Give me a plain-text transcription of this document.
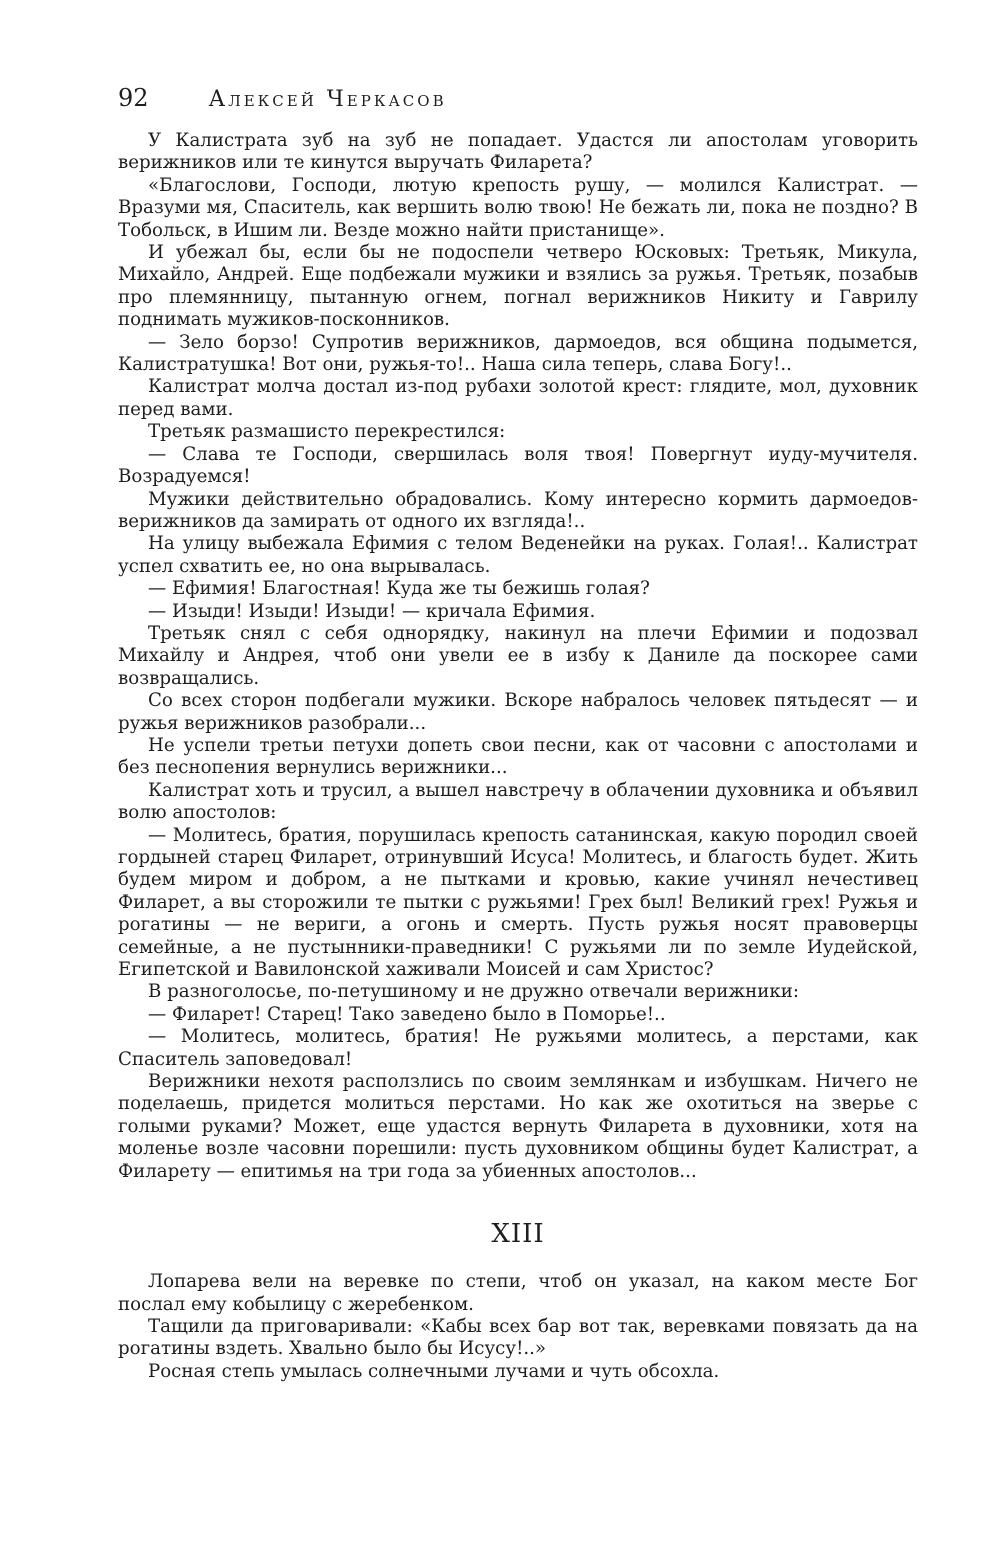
92	Алексей Черкасов

У Калистрата зуб на зуб не попадает. Удастся ли апостолам уговорить верижников или те кинутся выручать Филарета?

«Благослови, Господи, лютую крепость рушу, — молился Калистрат. — Вразуми мя, Спаситель, как вершить волю твою! Не бежать ли, пока не поздно? В Тобольск, в Ишим ли. Везде можно найти пристанище».

И убежал бы, если бы не подоспели четверо Юсковых: Третьяк, Микула, Михайло, Андрей. Еще подбежали мужики и взялись за ружья. Третьяк, позабыв про племянницу, пытанную огнем, погнал верижников Никиту и Гаврилу поднимать мужиков-посконников.

— Зело борзо! Супротив верижников, дармоедов, вся община подымется, Калистратушка! Вот они, ружья-то!.. Наша сила теперь, слава Богу!..

Калистрат молча достал из-под рубахи золотой крест: глядите, мол, духовник перед вами.

Третьяк размашисто перекрестился:

— Слава те Господи, свершилась воля твоя! Повергнут иуду-мучителя. Возрадуемся!

Мужики действительно обрадовались. Кому интересно кормить дармоедов-верижников да замирать от одного их взгляда!..

На улицу выбежала Ефимия с телом Веденейки на руках. Голая!.. Калистрат успел схватить ее, но она вырывалась.

— Ефимия! Благостная! Куда же ты бежишь голая?

— Изыди! Изыди! Изыди! — кричала Ефимия.

Третьяк снял с себя однорядку, накинул на плечи Ефимии и подозвал Михайлу и Андрея, чтоб они увели ее в избу к Даниле да поскорее сами возвращались.

Со всех сторон подбегали мужики. Вскоре набралось человек пятьдесят — и ружья верижников разобрали...

Не успели третьи петухи допеть свои песни, как от часовни с апостолами и без песнопения вернулись верижники...

Калистрат хоть и трусил, а вышел навстречу в облачении духовника и объявил волю апостолов:

— Молитесь, братия, порушилась крепость сатанинская, какую породил своей гордыней старец Филарет, отринувший Исуса! Молитесь, и благость будет. Жить будем миром и добром, а не пытками и кровью, какие учинял нечестивец Филарет, а вы сторожили те пытки с ружьями! Грех был! Великий грех! Ружья и рогатины — не вериги, а огонь и смерть. Пусть ружья носят правоверцы семейные, а не пустынники-праведники! С ружьями ли по земле Иудейской, Египетской и Вавилонской хаживали Моисей и сам Христос?

В разноголосье, по-петушиному и не дружно отвечали верижники:

— Филарет! Старец! Тако заведено было в Поморье!..

— Молитесь, молитесь, братия! Не ружьями молитесь, а перстами, как Спаситель заповедовал!

Верижники нехотя расползлись по своим землянкам и избушкам. Ничего не поделаешь, придется молиться перстами. Но как же охотиться на зверье с голыми руками? Может, еще удастся вернуть Филарета в духовники, хотя на моленье возле часовни порешили: пусть духовником общины будет Калистрат, а Филарету — епитимья на три года за убиенных апостолов...

XIII

Лопарева вели на веревке по степи, чтоб он указал, на каком месте Бог послал ему кобылицу с жеребенком.

Тащили да приговаривали: «Кабы всех бар вот так, веревками повязать да на рогатины вздеть. Хвально было бы Исусу!..»

Росная степь умылась солнечными лучами и чуть обсохла.
